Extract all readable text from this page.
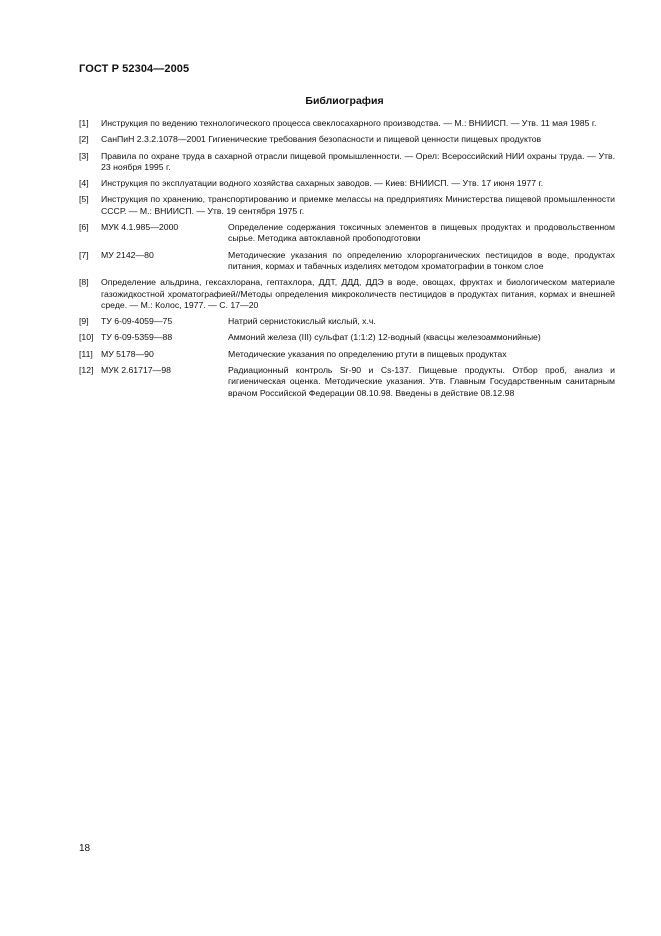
ГОСТ Р 52304—2005
Библиография
[1] Инструкция по ведению технологического процесса свеклосахарного производства. — М.: ВНИИСП. — Утв. 11 мая 1985 г.
[2] СанПиН 2.3.2.1078—2001 Гигиенические требования безопасности и пищевой ценности пищевых продуктов
[3] Правила по охране труда в сахарной отрасли пищевой промышленности. — Орел: Всероссийский НИИ охраны труда. — Утв. 23 ноября 1995 г.
[4] Инструкция по эксплуатации водного хозяйства сахарных заводов. — Киев: ВНИИСП. — Утв. 17 июня 1977 г.
[5] Инструкция по хранению, транспортированию и приемке мелассы на предприятиях Министерства пищевой промышленности СССР. — М.: ВНИИСП. — Утв. 19 сентября 1975 г.
[6] МУК 4.1.985—2000	Определение содержания токсичных элементов в пищевых продуктах и продовольственном сырье. Методика автоклавной пробоподготовки
[7] МУ 2142—80	Методические указания по определению хлорорганических пестицидов в воде, продуктах питания, кормах и табачных изделиях методом хроматографии в тонком слое
[8] Определение альдрина, гексахлорана, гептахлора, ДДТ, ДДД, ДДЭ в воде, овощах, фруктах и биологическом материале газожидкостной хроматографией//Методы определения микроколичеств пестицидов в продуктах питания, кормах и внешней среде. — М.: Колос, 1977. — С. 17—20
[9] ТУ 6-09-4059—75	Натрий сернистокислый кислый, х.ч.
[10] ТУ 6-09-5359—88	Аммоний железа (III) сульфат (1:1:2) 12-водный (квасцы железоаммонийные)
[11] МУ 5178—90	Методические указания по определению ртути в пищевых продуктах
[12] МУК 2.61717—98	Радиационный контроль Sr-90 и Cs-137. Пищевые продукты. Отбор проб, анализ и гигиеническая оценка. Методические указания. Утв. Главным Государственным санитарным врачом Российской Федерации 08.10.98. Введены в действие 08.12.98
18
